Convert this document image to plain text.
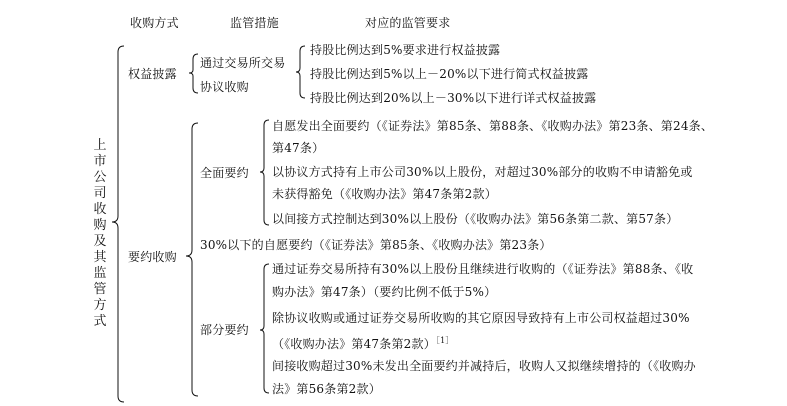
收购方式	监管措施	对应的监管要求
上市公司收购及其监管方式
权益披露
通过交易所交易
协议收购
持股比例达到5%要求进行权益披露
持股比例达到5%以上－20%以下进行简式权益披露
持股比例达到20%以上－30%以下进行详式权益披露
要约收购
全面要约
自愿发出全面要约（《证券法》第85条、第88条、《收购办法》第23条、第24条、
第47条）
以协议方式持有上市公司30%以上股份，对超过30%部分的收购不申请豁免或
未获得豁免（《收购办法》第47条第2款）
以间接方式控制达到30%以上股份（《收购办法》第56条第二款、第57条）
30%以下的自愿要约（《证券法》第85条、《收购办法》第23条）
部分要约
通过证券交易所持有30%以上股份且继续进行收购的（《证券法》第88条、《收
购办法》第47条）（要约比例不低于5%）
除协议收购或通过证券交易所收购的其它原因导致持有上市公司权益超过30%
（《收购办法》第47条第2款）$^{[1]}$
间接收购超过30%未发出全面要约并减持后，收购人又拟继续增持的（《收购办
法》第56条第2款）
